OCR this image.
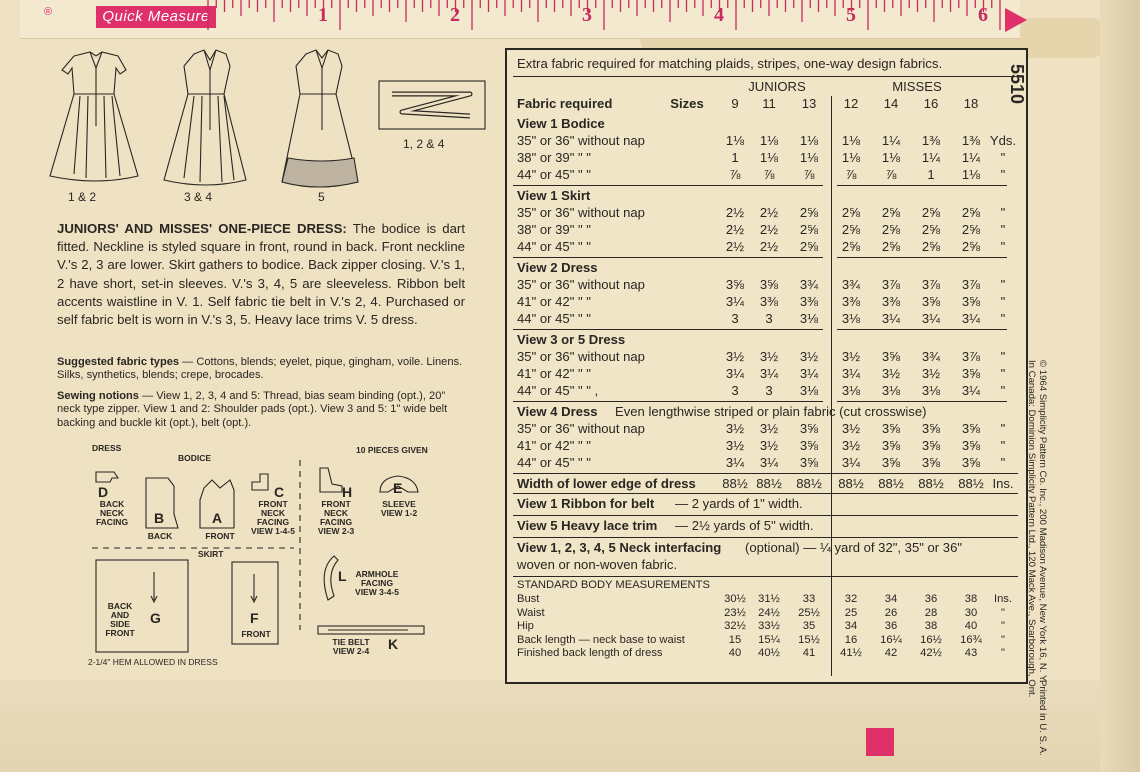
®	Quick Measure	1	2	3	4	5	6
1 & 2	3 & 4	5
1, 2 & 4
JUNIORS' AND MISSES' ONE-PIECE DRESS: The bodice is dart fitted. Neckline is styled square in front, round in back. Front neckline V.'s 2, 3 are lower. Skirt gathers to bodice. Back zipper closing. V.'s 1, 2 have short, set-in sleeves. V.'s 3, 4, 5 are sleeveless. Ribbon belt accents waistline in V. 1. Self fabric tie belt in V.'s 2, 4. Purchased or self fabric belt is worn in V.'s 3, 5. Heavy lace trims V. 5 dress.
Suggested fabric types — Cottons, blends; eyelet, pique, gingham, voile. Linens. Silks, synthetics, blends; crepe, brocades.
Sewing notions — View 1, 2, 3, 4 and 5: Thread, bias seam binding (opt.), 20" neck type zipper. View 1 and 2: Shoulder pads (opt.). View 3 and 5: 1" wide belt backing and buckle kit (opt.), belt (opt.).
DRESS
BODICE
10 PIECES GIVEN
SKIRT
D
BACK NECK FACING B
BACK
A
FRONT
C
FRONT NECK FACING VIEW 1-4-5
H
FRONT NECK FACING VIEW 2-3
E
SLEEVE VIEW 1-2
L	ARMHOLE FACING VIEW 3-4-5
G
BACK AND SIDE FRONT
F
FRONT
K
TIE BELT VIEW 2-4
2-1/4" HEM ALLOWED IN DRESS
Extra fabric required for matching plaids, stripes, one-way design fabrics.
JUNIORS	MISSES
Fabric required	Sizes	9	11	13	12	14	16	18
View 1 Bodice
35" or 36" without nap	1⅛	1⅛	1⅛	1⅛	1¼	1⅜	1⅜ Yds.
38" or 39" " "	1	1⅛	1⅛	1⅛	1⅛	1¼	1¼	"
44" or 45" " "	⅞	⅞	⅞	⅞	⅞	1	1⅛	"
View 1 Skirt
35" or 36" without nap	2½	2½	2⅝	2⅝	2⅝	2⅝	2⅝	"
38" or 39" " "	2½	2½	2⅝	2⅝	2⅝	2⅝	2⅝	"
44" or 45" " "	2½	2½	2⅝	2⅝	2⅝	2⅝	2⅝	"
View 2 Dress
35" or 36" without nap	3⅝	3⅝	3¾	3¾	3⅞	3⅞	3⅞	"
41" or 42" " "	3¼	3⅜	3⅜	3⅜	3⅜	3⅝	3⅝	"
44" or 45" " "	3	3	3⅛	3⅛	3¼	3¼	3¼	"
View 3 or 5 Dress
35" or 36" without nap	3½	3½	3½	3½	3⅝	3¾	3⅞	"
41" or 42" " "	3¼	3¼	3¼	3¼	3½	3½	3⅝	"
44" or 45" " " ,	3	3	3⅛	3⅛	3⅛	3⅛	3¼	"
View 4 Dress Even lengthwise striped or plain fabric (cut crosswise)
35" or 36" without nap	3½	3½	3⅝	3½	3⅝	3⅝	3⅝	"
41" or 42" " "	3½	3½	3⅝	3½	3⅝	3⅝	3⅝	"
44" or 45" " "	3¼	3¼	3⅝	3¼	3⅝	3⅝	3⅝	"
Width of lower edge of dress 88½ 88½ 88½ 88½ 88½ 88½ 88½ Ins.
View 1 Ribbon for belt — 2 yards of 1" width.
View 5 Heavy lace trim — 2½ yards of 5" width.
View 1, 2, 3, 4, 5 Neck interfacing (optional) — ¼ yard of 32", 35" or 36"
woven or non-woven fabric.
STANDARD BODY MEASUREMENTS
Bust	30½	31½	33	32	34	36	38	Ins.
Waist	23½	24½	25½	25	26	28	30	"
Hip	32½	33½	35	34	36	38	40	"
Back length — neck base to waist	15	15¼	15½	16	16¼	16½	16¾	"
Finished back length of dress	40	40½	41	41½	42	42½	43	"
5510
© 1964 Simplicity Pattern Co. Inc., 200 Madison Avenue, New York 16, N. Y.
In Canada: Dominion Simplicity Pattern Ltd., 120 Mack Ave., Scarborough, Ont.
Printed in U. S. A.
